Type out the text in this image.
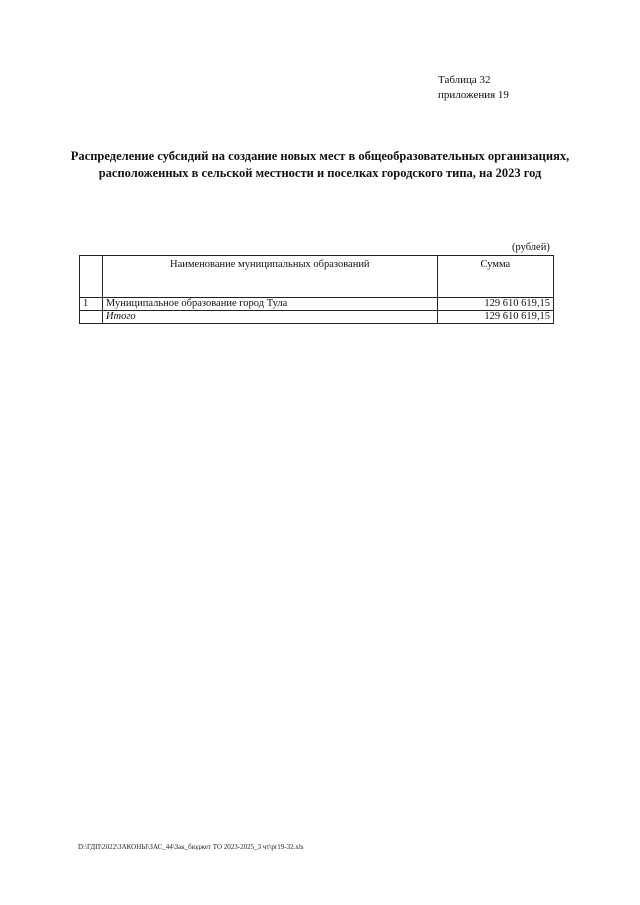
Таблица 32
приложения 19
Распределение субсидий на создание новых мест в общеобразовательных организациях, расположенных в сельской местности и поселках городского типа, на 2023 год
(рублей)
	Наименование муниципальных образований	Сумма
1	Муниципальное образование город Тула	129 610 619,15
	Итого	129 610 619,15
D:\ГДП\2022\ЗАКОНЫ\ЗАС_44\Зак_бюджет ТО 2023-2025_3 чт\pr19-32.xls
